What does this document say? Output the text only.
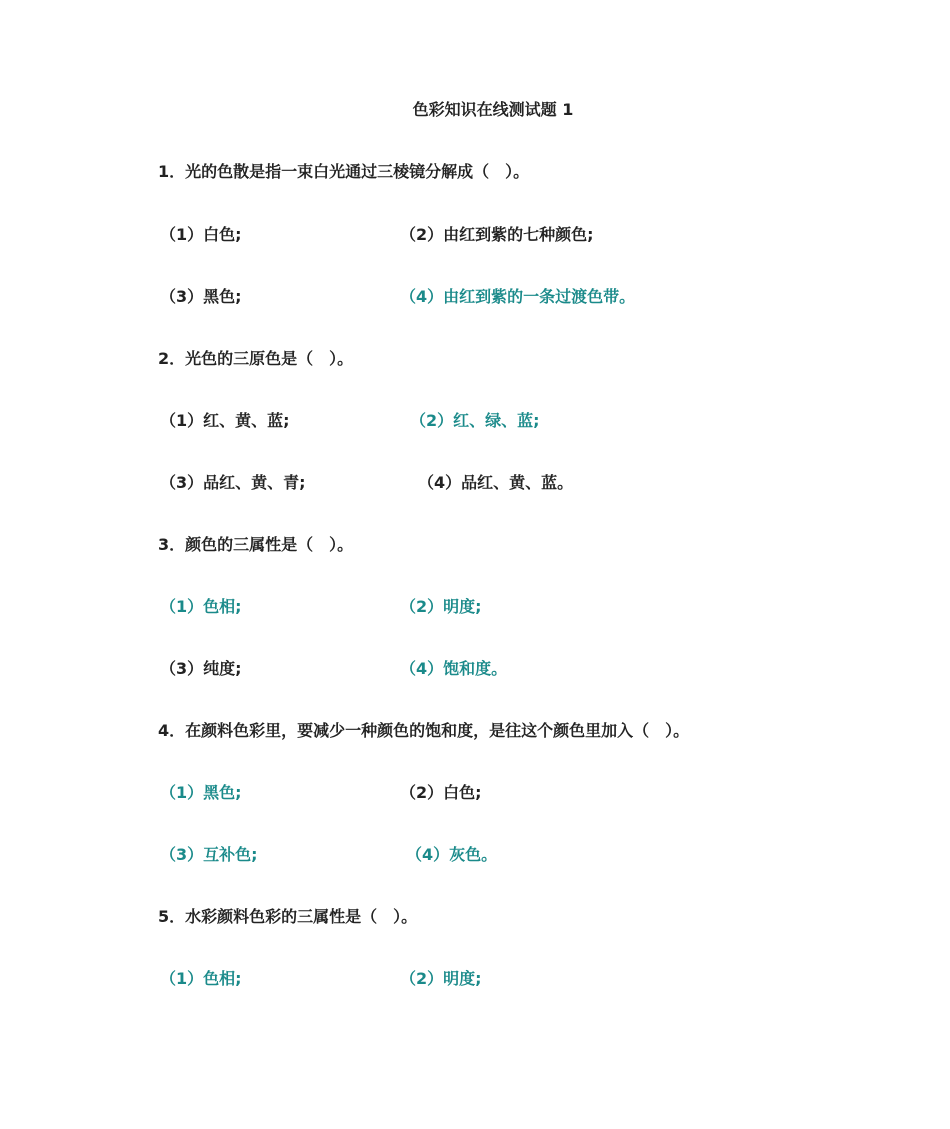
色彩知识在线测试题 1
1．光的色散是指一束白光通过三棱镜分解成（　）。
（1）白色;	（2）由红到紫的七种颜色;
（3）黑色;	（4）由红到紫的一条过渡色带。
2．光色的三原色是（　）。
（1）红、黄、蓝;	（2）红、绿、蓝;
（3）品红、黄、青;	（4）品红、黄、蓝。
3．颜色的三属性是（　）。
（1）色相;	（2）明度;
（3）纯度;	（4）饱和度。
4．在颜料色彩里，要减少一种颜色的饱和度，是往这个颜色里加入（　）。
（1）黑色;	（2）白色;
（3）互补色;	（4）灰色。
5．水彩颜料色彩的三属性是（　）。
（1）色相;	（2）明度;
